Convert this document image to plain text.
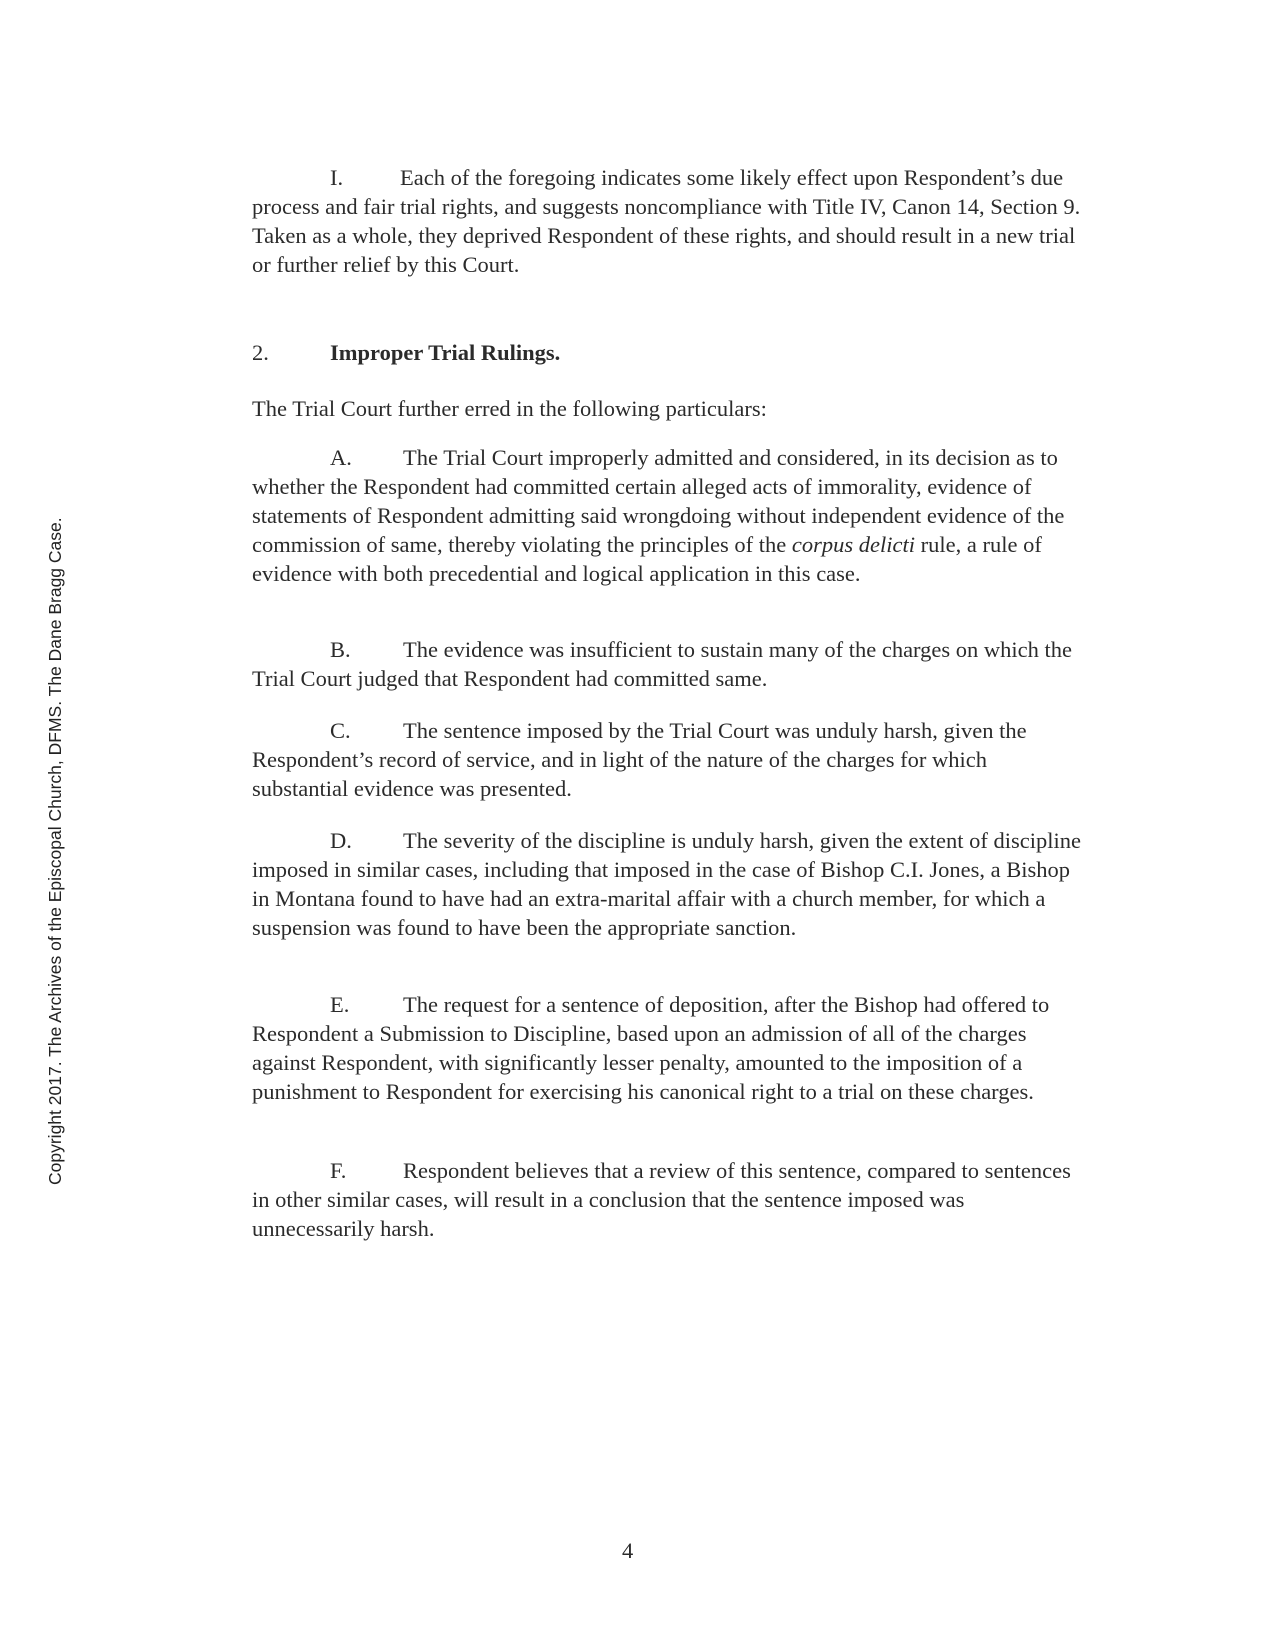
Copyright 2017. The Archives of the Episcopal Church, DFMS. The Dane Bragg Case.

I.	Each of the foregoing indicates some likely effect upon Respondent’s due process and fair trial rights, and suggests noncompliance with Title IV, Canon 14, Section 9. Taken as a whole, they deprived Respondent of these rights, and should result in a new trial or further relief by this Court.

2.	Improper Trial Rulings.
The Trial Court further erred in the following particulars:
A. The Trial Court improperly admitted and considered, in its decision as to whether the Respondent had committed certain alleged acts of immorality, evidence of statements of Respondent admitting said wrongdoing without independent evidence of the commission of same, thereby violating the principles of the corpus delicti rule, a rule of evidence with both precedential and logical application in this case.
B. The evidence was insufficient to sustain many of the charges on which the Trial Court judged that Respondent had committed same.
C. The sentence imposed by the Trial Court was unduly harsh, given the Respondent’s record of service, and in light of the nature of the charges for which substantial evidence was presented.
D. The severity of the discipline is unduly harsh, given the extent of discipline imposed in similar cases, including that imposed in the case of Bishop C.I. Jones, a Bishop in Montana found to have had an extra-marital affair with a church member, for which a suspension was found to have been the appropriate sanction.
E. The request for a sentence of deposition, after the Bishop had offered to Respondent a Submission to Discipline, based upon an admission of all of the charges against Respondent, with significantly lesser penalty, amounted to the imposition of a punishment to Respondent for exercising his canonical right to a trial on these charges.
F.	Respondent believes that a review of this sentence, compared to sentences in other similar cases, will result in a conclusion that the sentence imposed was unnecessarily harsh.
4
